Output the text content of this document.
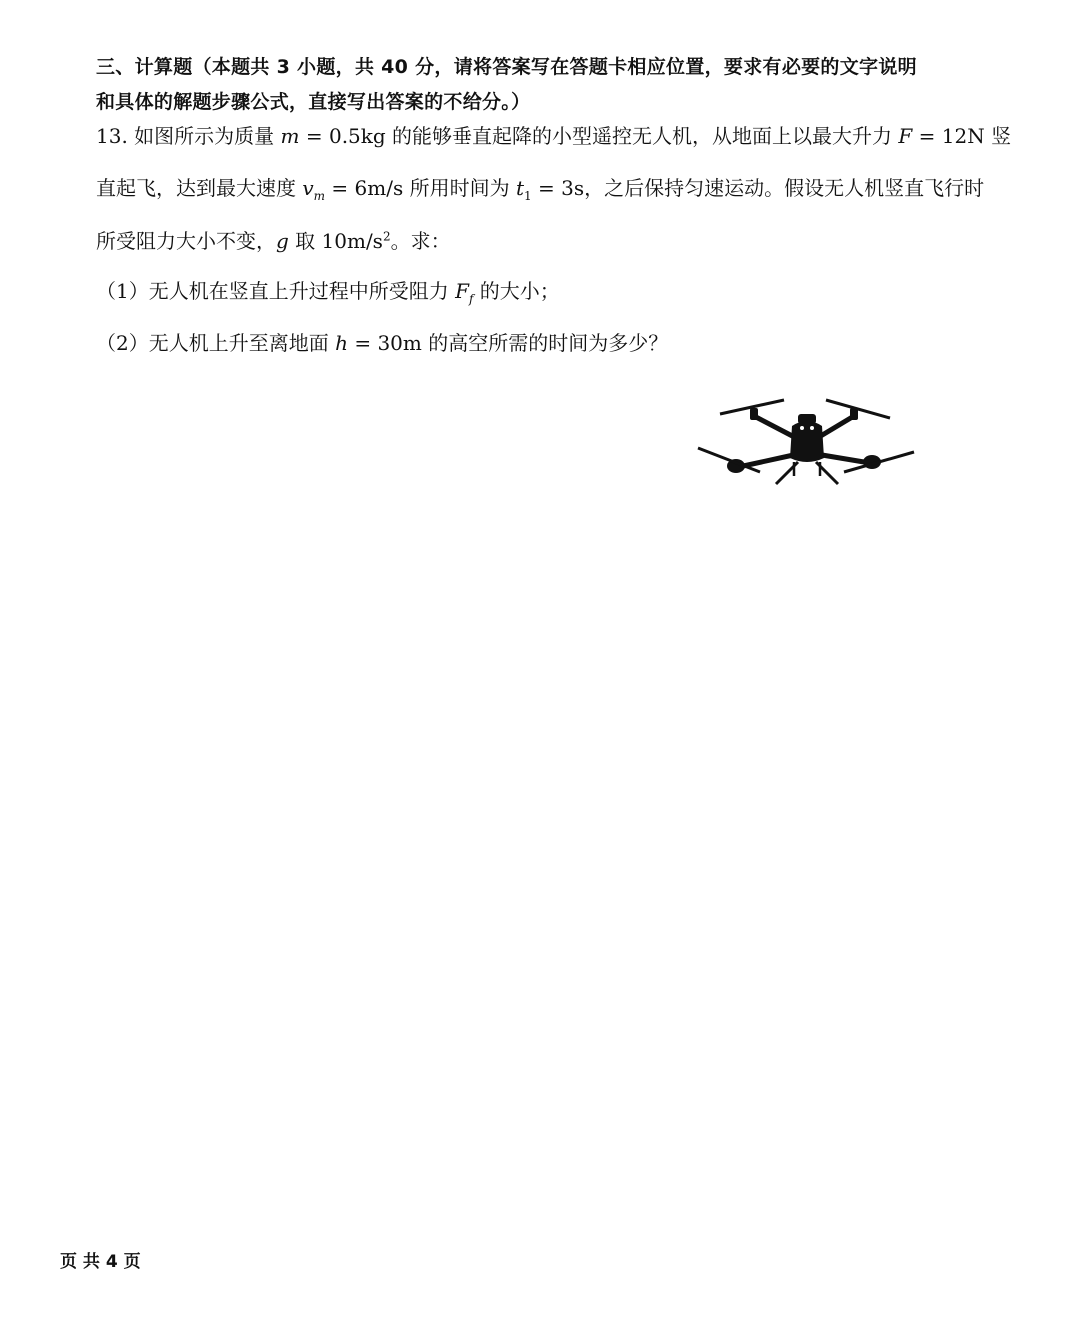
三、计算题（本题共 3 小题，共 40 分，请将答案写在答题卡相应位置，要求有必要的文字说明和具体的解题步骤公式，直接写出答案的不给分。）
13. 如图所示为质量 m = 0.5kg 的能够垂直起降的小型遥控无人机，从地面上以最大升力 F = 12N 竖
直起飞，达到最大速度 $v_m = 6m/s$ 所用时间为 $t_1 = 3s$，之后保持匀速运动。假设无人机竖直飞行时
所受阻力大小不变，g 取 $10m/s^2$。求：
（1）无人机在竖直上升过程中所受阻力 $F_f$ 的大小；
（2）无人机上升至离地面 h = 30m 的高空所需的时间为多少？
页 共 4 页
